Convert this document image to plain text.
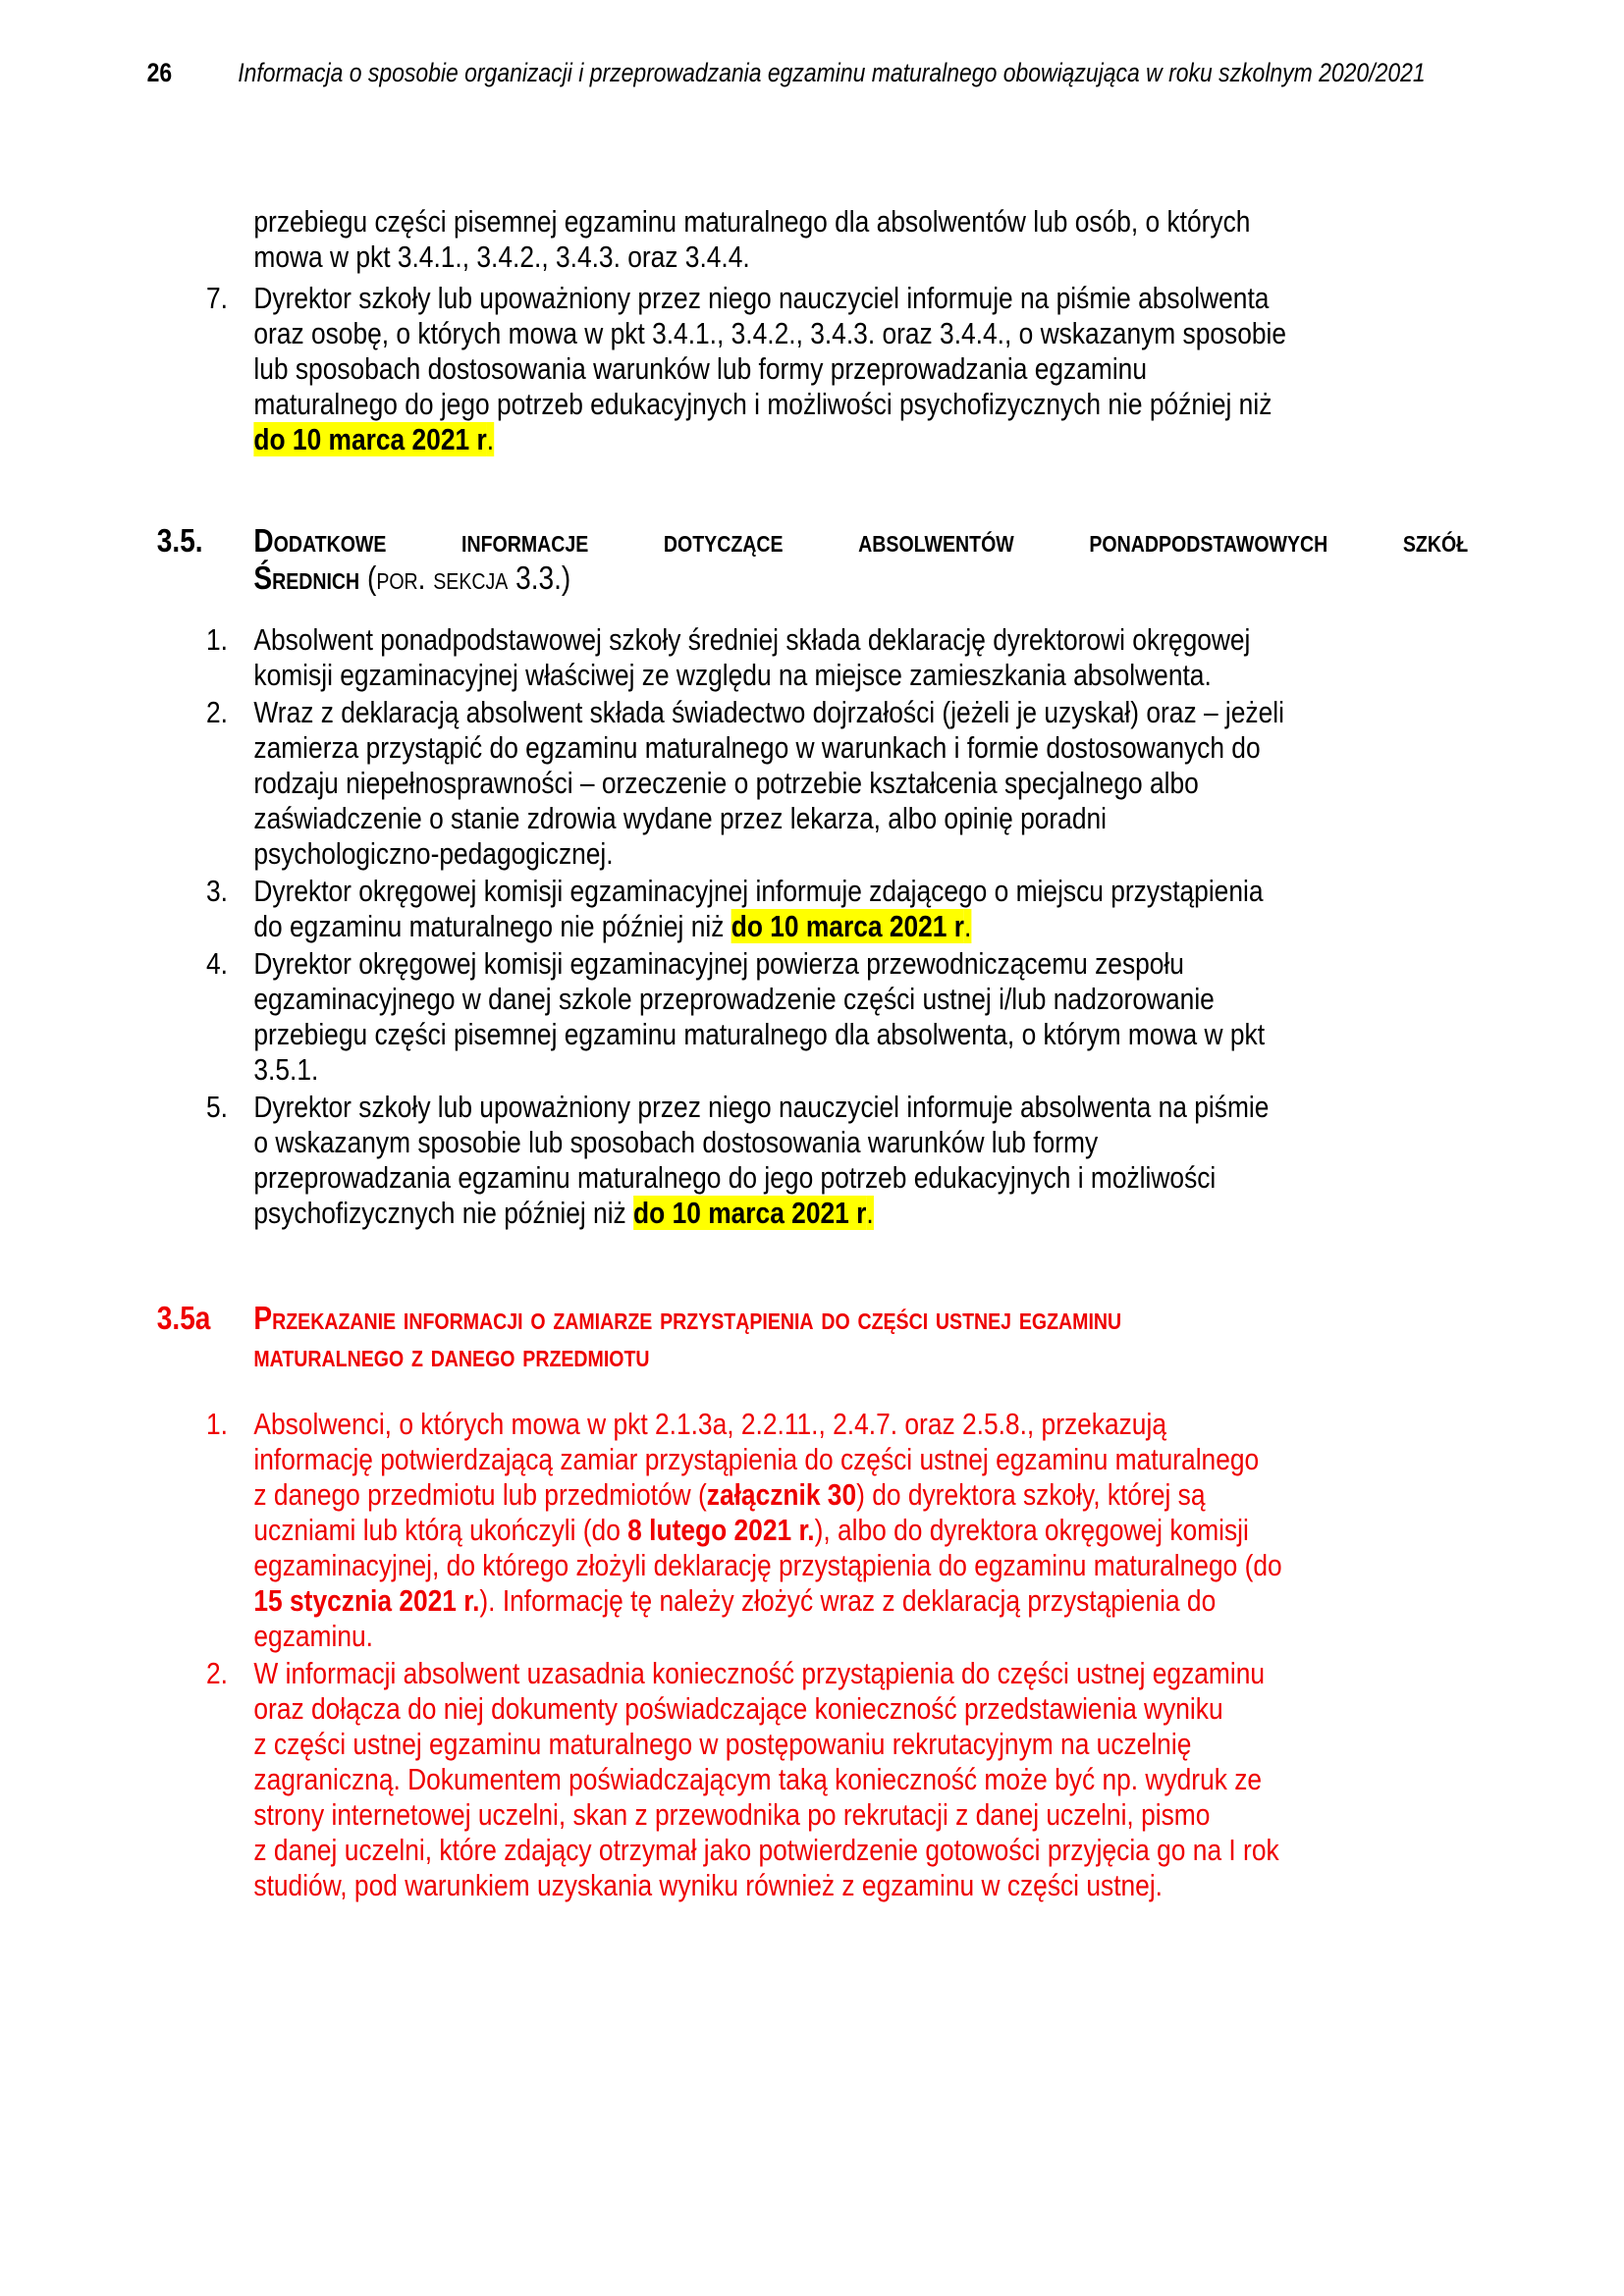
26 Informacja o sposobie organizacji i przeprowadzania egzaminu maturalnego obowiązująca w roku szkolnym 2020/2021
przebiegu części pisemnej egzaminu maturalnego dla absolwentów lub osób, o których
mowa w pkt 3.4.1., 3.4.2., 3.4.3. oraz 3.4.4.
7. Dyrektor szkoły lub upoważniony przez niego nauczyciel informuje na piśmie absolwenta
oraz osobę, o których mowa w pkt 3.4.1., 3.4.2., 3.4.3. oraz 3.4.4., o wskazanym sposobie
lub sposobach dostosowania warunków lub formy przeprowadzania egzaminu
maturalnego do jego potrzeb edukacyjnych i możliwości psychofizycznych nie później niż
do 10 marca 2021 r.
3.5. Dodatkowe informacje dotyczące absolwentów ponadpodstawowych szkół
Średnich (por. sekcja 3.3.)
1. Absolwent ponadpodstawowej szkoły średniej składa deklarację dyrektorowi okręgowej
komisji egzaminacyjnej właściwej ze względu na miejsce zamieszkania absolwenta.
2. Wraz z deklaracją absolwent składa świadectwo dojrzałości (jeżeli je uzyskał) oraz – jeżeli
zamierza przystąpić do egzaminu maturalnego w warunkach i formie dostosowanych do
rodzaju niepełnosprawności – orzeczenie o potrzebie kształcenia specjalnego albo
zaświadczenie o stanie zdrowia wydane przez lekarza, albo opinię poradni
psychologiczno-pedagogicznej.
3. Dyrektor okręgowej komisji egzaminacyjnej informuje zdającego o miejscu przystąpienia
do egzaminu maturalnego nie później niż do 10 marca 2021 r.
4. Dyrektor okręgowej komisji egzaminacyjnej powierza przewodniczącemu zespołu
egzaminacyjnego w danej szkole przeprowadzenie części ustnej i/lub nadzorowanie
przebiegu części pisemnej egzaminu maturalnego dla absolwenta, o którym mowa w pkt
3.5.1.
5. Dyrektor szkoły lub upoważniony przez niego nauczyciel informuje absolwenta na piśmie
o wskazanym sposobie lub sposobach dostosowania warunków lub formy
przeprowadzania egzaminu maturalnego do jego potrzeb edukacyjnych i możliwości
psychofizycznych nie później niż do 10 marca 2021 r.
3.5a Przekazanie informacji o zamiarze przystąpienia do części ustnej egzaminu
maturalnego z danego przedmiotu
1. Absolwenci, o których mowa w pkt 2.1.3a, 2.2.11., 2.4.7. oraz 2.5.8., przekazują
informację potwierdzającą zamiar przystąpienia do części ustnej egzaminu maturalnego
z danego przedmiotu lub przedmiotów (załącznik 30) do dyrektora szkoły, której są
uczniami lub którą ukończyli (do 8 lutego 2021 r.), albo do dyrektora okręgowej komisji
egzaminacyjnej, do którego złożyli deklarację przystąpienia do egzaminu maturalnego (do
15 stycznia 2021 r.). Informację tę należy złożyć wraz z deklaracją przystąpienia do
egzaminu.
2. W informacji absolwent uzasadnia konieczność przystąpienia do części ustnej egzaminu
oraz dołącza do niej dokumenty poświadczające konieczność przedstawienia wyniku
z części ustnej egzaminu maturalnego w postępowaniu rekrutacyjnym na uczelnię
zagraniczną. Dokumentem poświadczającym taką konieczność może być np. wydruk ze
strony internetowej uczelni, skan z przewodnika po rekrutacji z danej uczelni, pismo
z danej uczelni, które zdający otrzymał jako potwierdzenie gotowości przyjęcia go na I rok
studiów, pod warunkiem uzyskania wyniku również z egzaminu w części ustnej.
